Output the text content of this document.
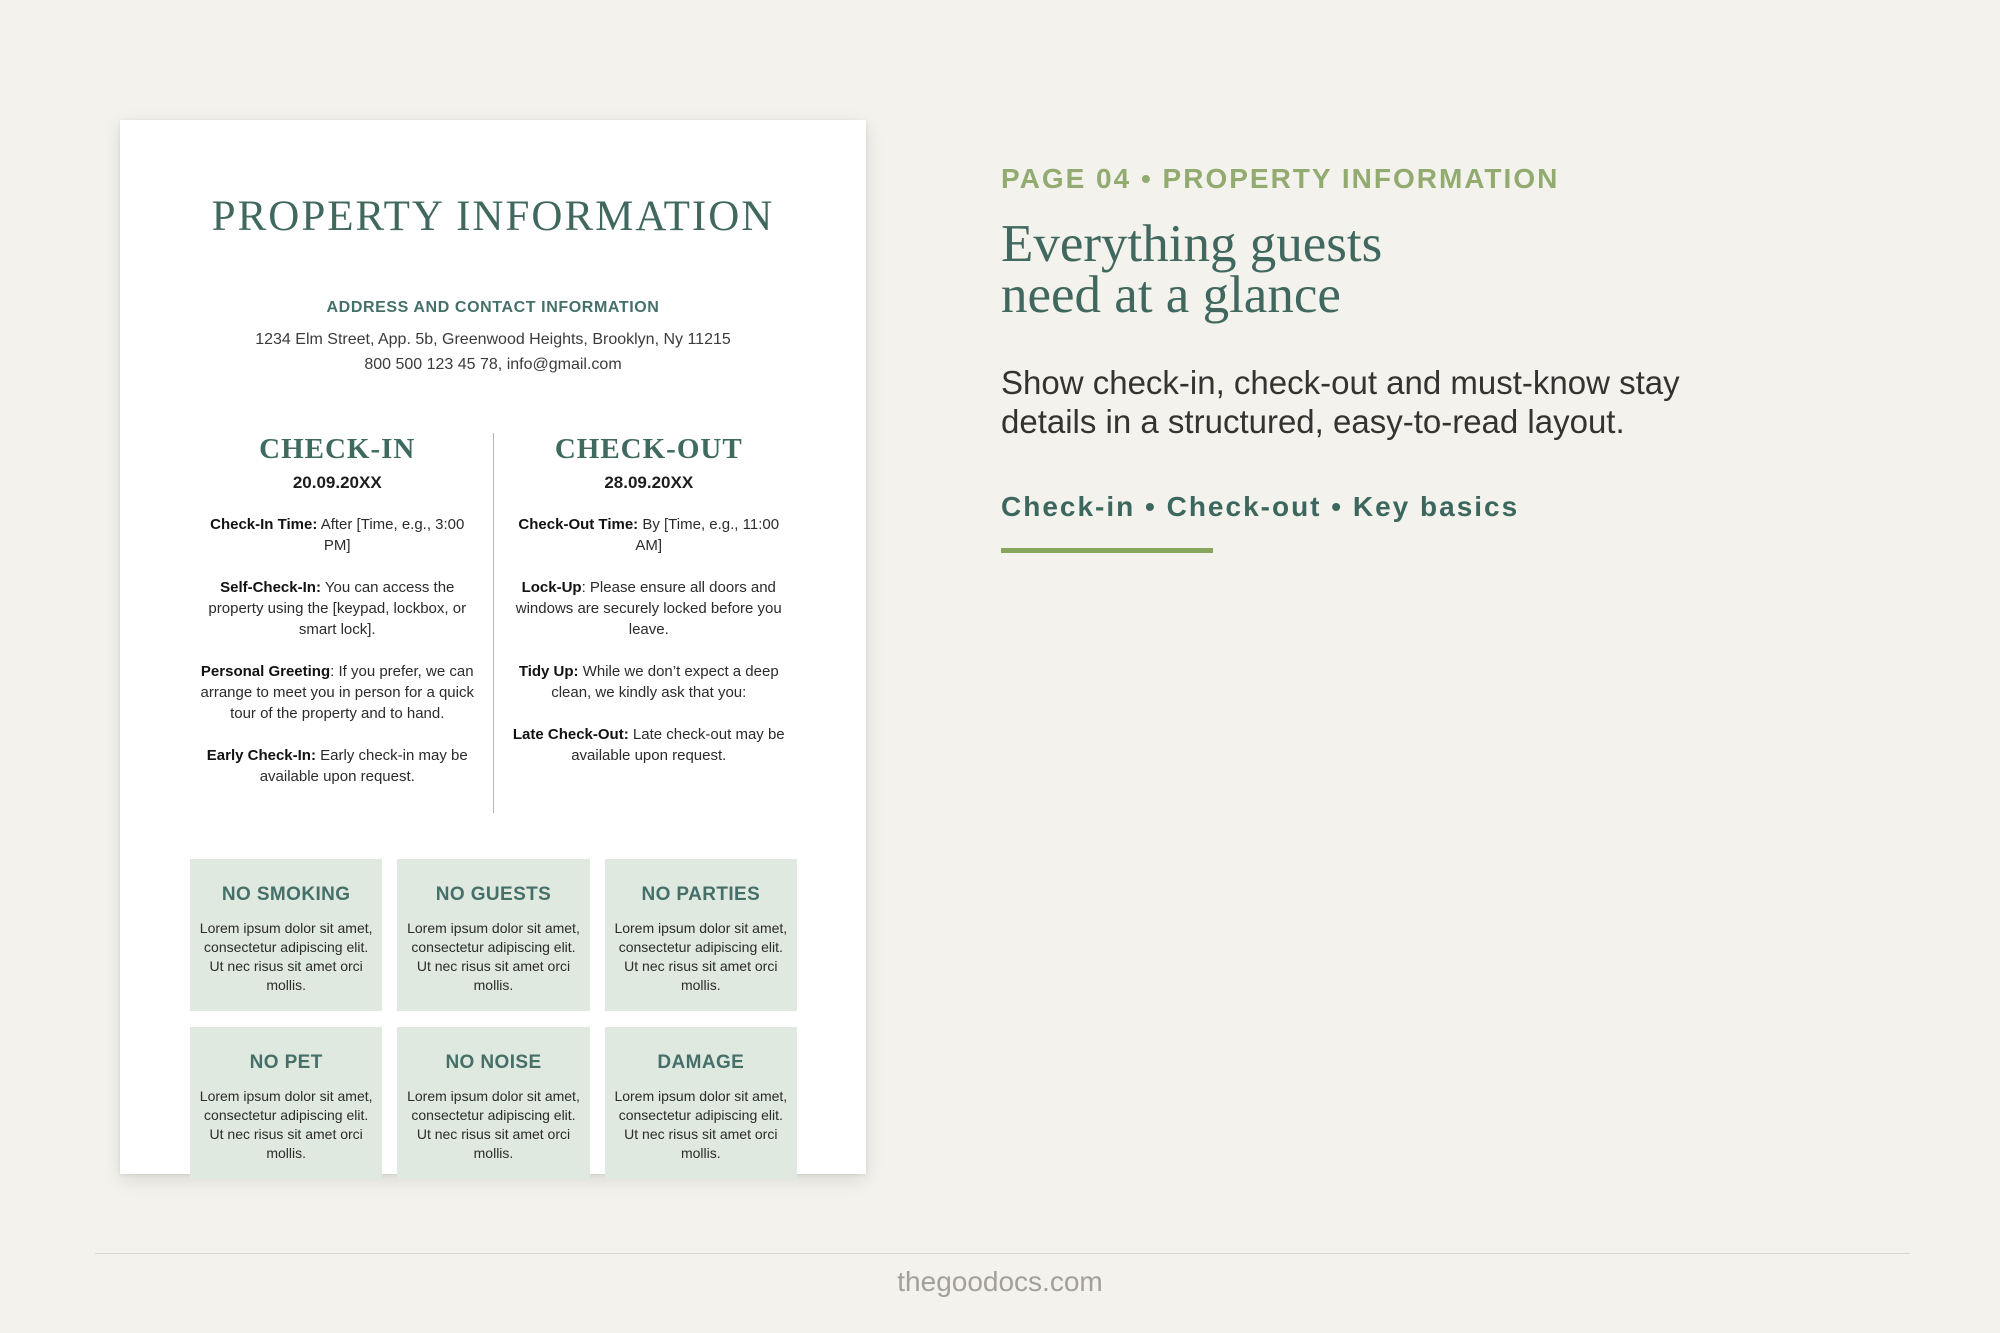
PROPERTY INFORMATION
ADDRESS AND CONTACT INFORMATION
1234 Elm Street, App. 5b, Greenwood Heights, Brooklyn, Ny 11215
800 500 123 45 78, info@gmail.com
CHECK-IN
20.09.20XX

Check-In Time: After [Time, e.g., 3:00 PM]

Self-Check-In: You can access the property using the [keypad, lockbox, or smart lock].

Personal Greeting: If you prefer, we can arrange to meet you in person for a quick tour of the property and to hand.

Early Check-In: Early check-in may be available upon request.

CHECK-OUT
28.09.20XX

Check-Out Time: By [Time, e.g., 11:00 AM]

Lock-Up: Please ensure all doors and windows are securely locked before you leave.

Tidy Up: While we don’t expect a deep clean, we kindly ask that you:

Late Check-Out: Late check-out may be available upon request.

NO SMOKING
Lorem ipsum dolor sit amet, consectetur adipiscing elit. Ut nec risus sit amet orci mollis.
NO GUESTS
Lorem ipsum dolor sit amet, consectetur adipiscing elit. Ut nec risus sit amet orci mollis.
NO PARTIES
Lorem ipsum dolor sit amet, consectetur adipiscing elit. Ut nec risus sit amet orci mollis.
NO PET
Lorem ipsum dolor sit amet, consectetur adipiscing elit. Ut nec risus sit amet orci mollis.
NO NOISE
Lorem ipsum dolor sit amet, consectetur adipiscing elit. Ut nec risus sit amet orci mollis.
DAMAGE
Lorem ipsum dolor sit amet, consectetur adipiscing elit. Ut nec risus sit amet orci mollis.
PAGE 04 • PROPERTY INFORMATION
Everything guests
need at a glance

Show check-in, check-out and must-know stay details in a structured, easy-to-read layout.

Check-in • Check-out • Key basics
thegoodocs.com
